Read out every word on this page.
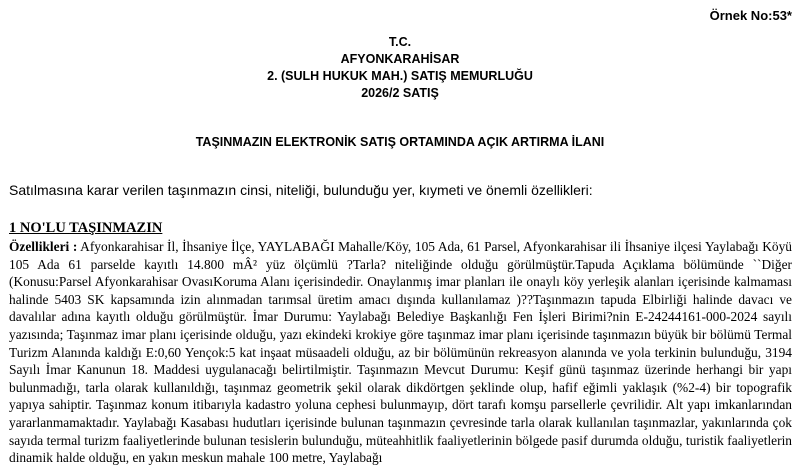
Örnek No:53*
T.C.
AFYONKARAHİSAR
2. (SULH HUKUK MAH.) SATIŞ MEMURLUĞU
2026/2 SATIŞ
TAŞINMAZIN ELEKTRONİK SATIŞ ORTAMINDA AÇIK ARTIRMA İLANI
Satılmasına karar verilen taşınmazın cinsi, niteliği, bulunduğu yer, kıymeti ve önemli özellikleri:
1 NO'LU TAŞINMAZIN

Özellikleri : Afyonkarahisar İl, İhsaniye İlçe, YAYLABAĞI Mahalle/Köy, 105 Ada, 61 Parsel, Afyonkarahisar ili İhsaniye ilçesi Yaylabağı Köyü 105 Ada 61 parselde kayıtlı 14.800 mÂ² yüz ölçümlü ?Tarla? niteliğinde olduğu görülmüştür.Tapuda Açıklama bölümünde ``Diğer (Konusu:Parsel Afyonkarahisar OvasıKoruma Alanı içerisindedir. Onaylanmış imar planları ile onaylı köy yerleşik alanları içerisinde kalmaması halinde 5403 SK kapsamında izin alınmadan tarımsal üretim amacı dışında kullanılamaz )??Taşınmazın tapuda Elbirliği halinde davacı ve davalılar adına kayıtlı olduğu görülmüştür. İmar Durumu: Yaylabağı Belediye Başkanlığı Fen İşleri Birimi?nin E-24244161-000-2024 sayılı yazısında; Taşınmaz imar planı içerisinde olduğu, yazı ekindeki krokiye göre taşınmaz imar planı içerisinde taşınmazın büyük bir bölümü Termal Turizm Alanında kaldığı E:0,60 Yençok:5 kat inşaat müsaadeli olduğu, az bir bölümünün rekreasyon alanında ve yola terkinin bulunduğu, 3194 Sayılı İmar Kanunun 18. Maddesi uygulanacağı belirtilmiştir. Taşınmazın Mevcut Durumu: Keşif günü taşınmaz üzerinde herhangi bir yapı bulunmadığı, tarla olarak kullanıldığı, taşınmaz geometrik şekil olarak dikdörtgen şeklinde olup, hafif eğimli yaklaşık (%2-4) bir topografik yapıya sahiptir. Taşınmaz konum itibarıyla kadastro yoluna cephesi bulunmayıp, dört tarafı komşu parsellerle çevrilidir. Alt yapı imkanlarından yararlanmamaktadır. Yaylabağı Kasabası hudutları içerisinde bulunan taşınmazın çevresinde tarla olarak kullanılan taşınmazlar, yakınlarında çok sayıda termal turizm faaliyetlerinde bulunan tesislerin bulunduğu, müteahhitlik faaliyetlerinin bölgede pasif durumda olduğu, turistik faaliyetlerin dinamik halde olduğu, en yakın meskun mahale 100 metre, Yaylabağı
